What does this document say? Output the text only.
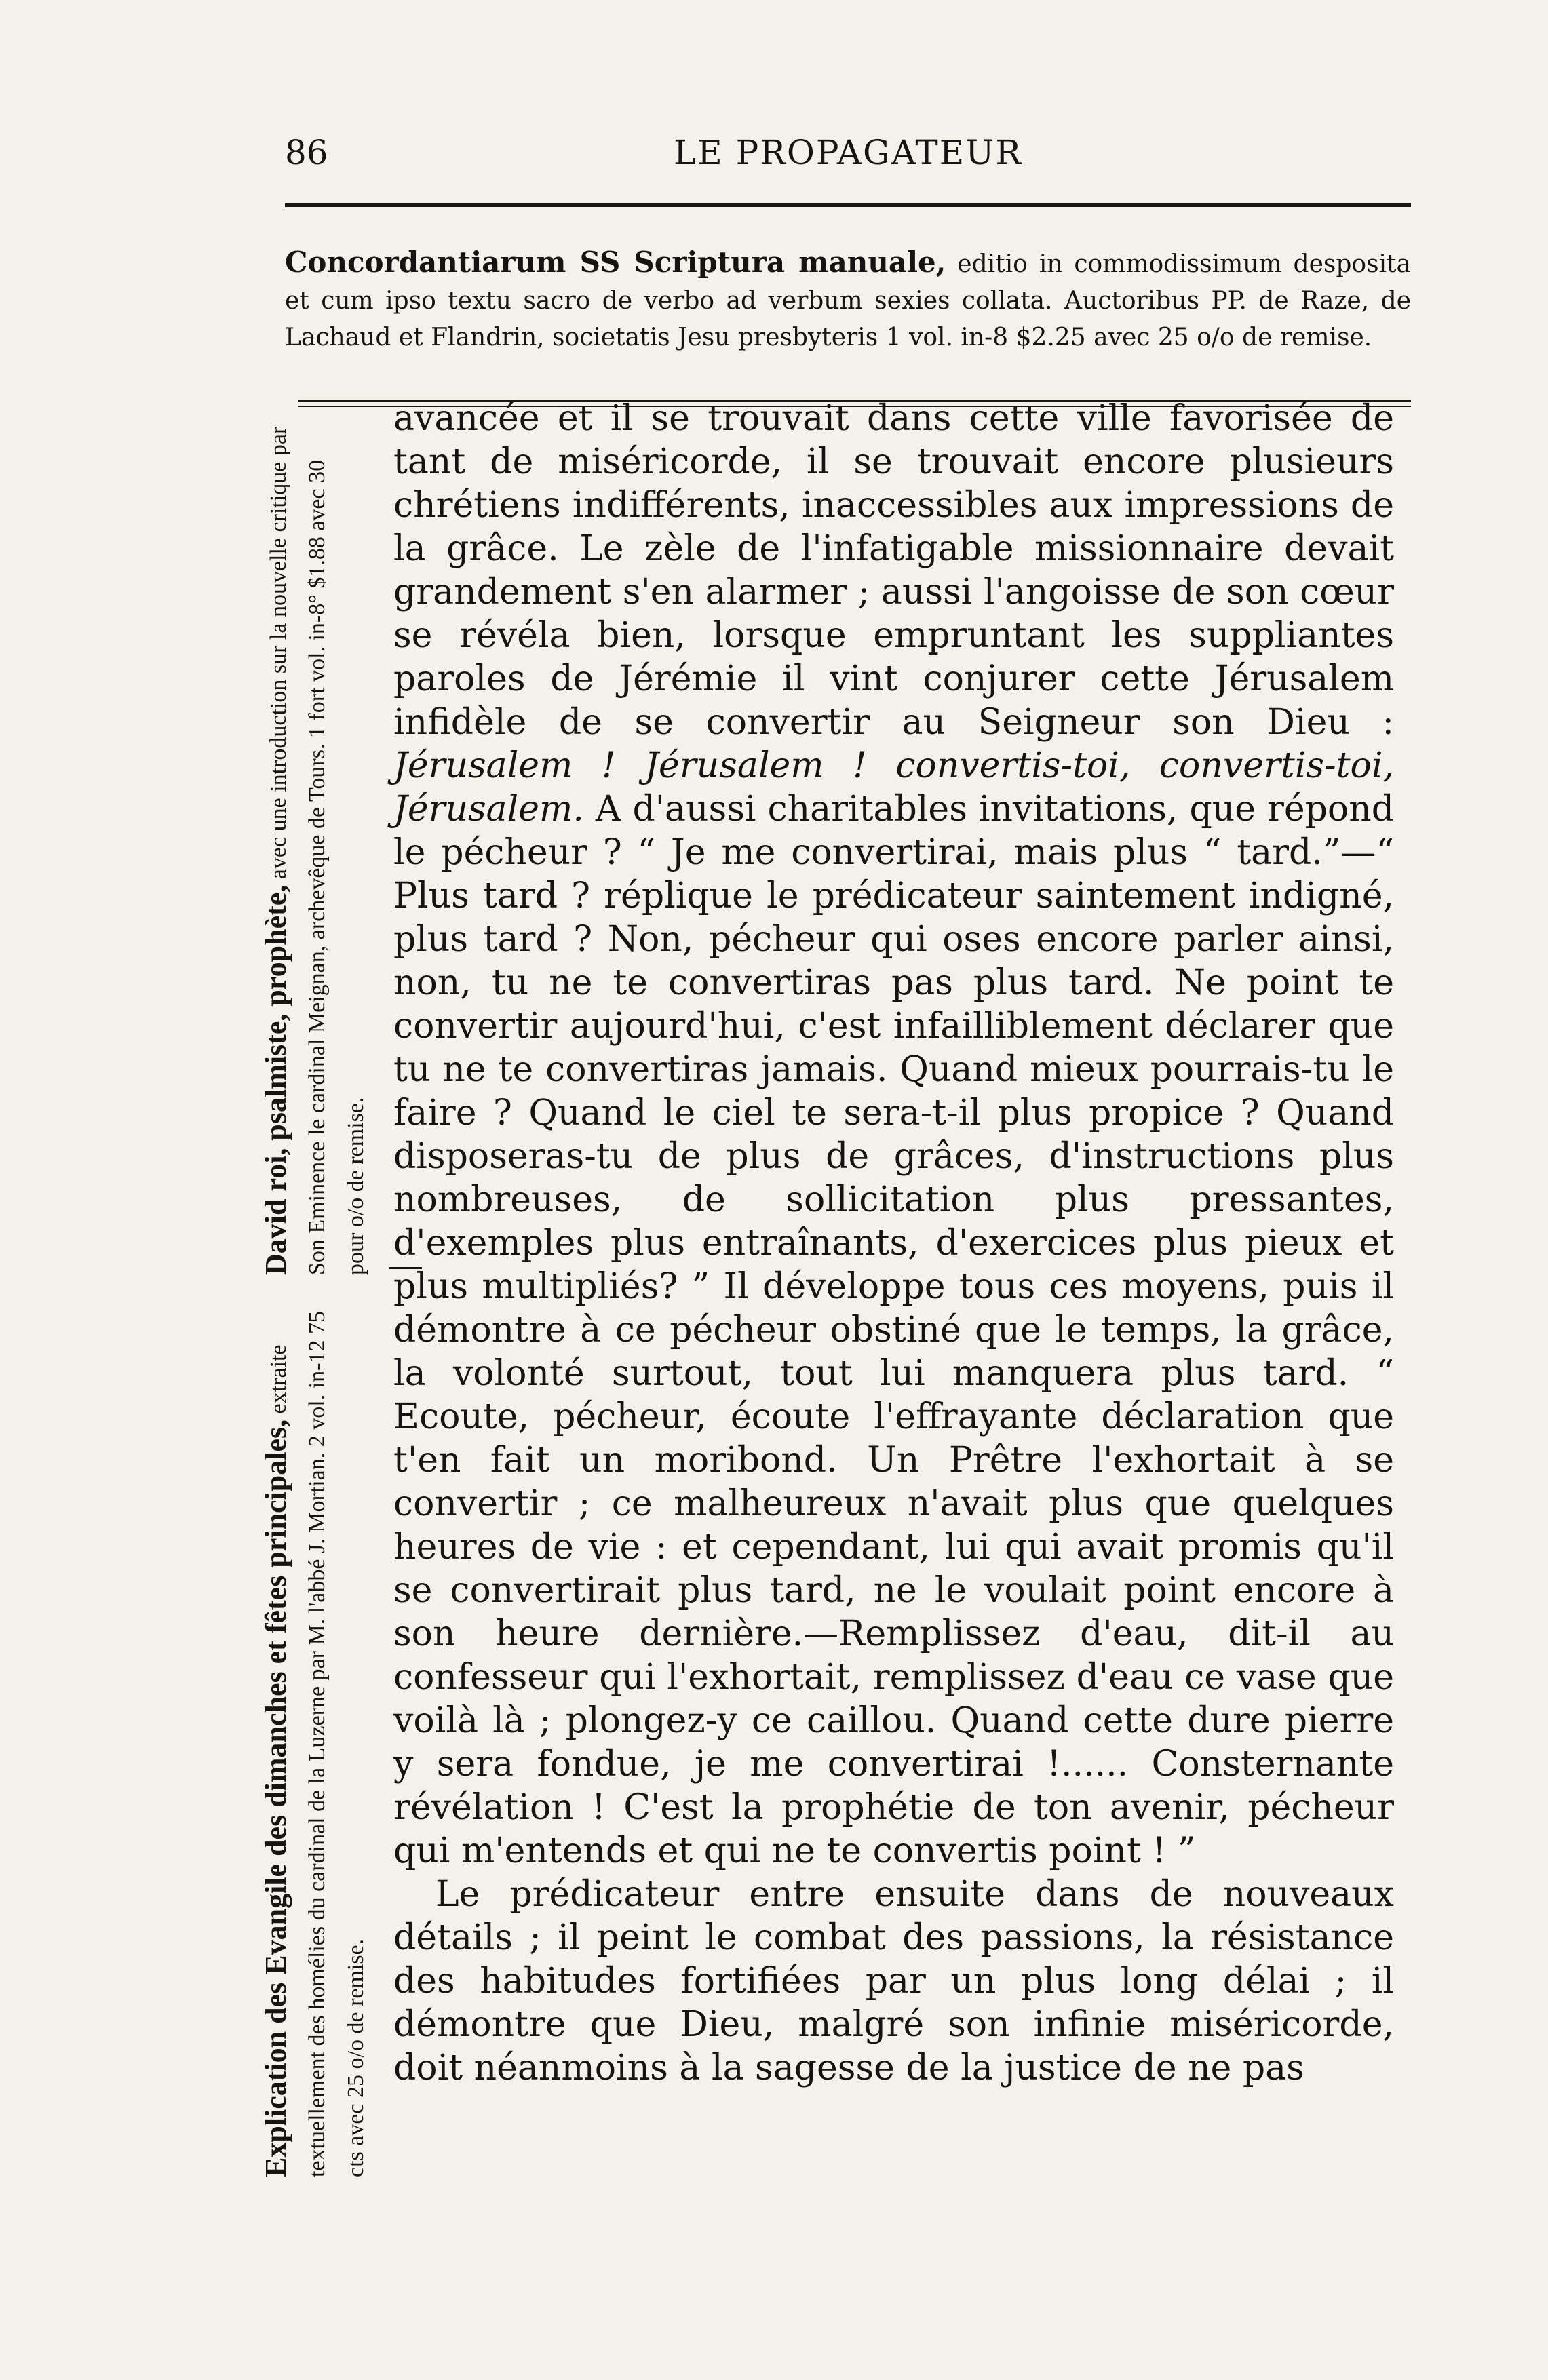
86	LE PROPAGATEUR
Concordantiarum SS Scriptura manuale, editio in commodissimum desposita et cum ipso textu sacro de verbo ad verbum sexies collata. Auctoribus PP. de Raze, de Lachaud et Flandrin, societatis Jesu presbyteris 1 vol. in-8 $2.25 avec 25 o/o de remise.
David roi, psalmiste, prophète, avec une introduction sur la nouvelle critique par Son Eminence le cardinal Meignan, archevêque de Tours. 1 fort vol. in-8° $1.88 avec 30 pour o/o de remise.
Explication des Evangile des dimanches et fêtes principales, extraite textuellement des homélies du cardinal de la Luzerne par M. l'abbé J. Mortian. 2 vol. in-12 75 cts avec 25 o/o de remise.

avancée et il se trouvait dans cette ville favorisée de tant de miséricorde, il se trouvait encore plusieurs chrétiens indifférents, inaccessibles aux impressions de la grâce. Le zèle de l'infatigable missionnaire devait grandement s'en alarmer ; aussi l'angoisse de son cœur se révéla bien, lorsque empruntant les suppliantes paroles de Jérémie il vint conjurer cette Jérusalem infidèle de se convertir au Seigneur son Dieu : Jérusalem ! Jérusalem ! convertis-toi, convertis-toi, Jérusalem. A d'aussi charitables invitations, que répond le pécheur ? “ Je me convertirai, mais plus “ tard.”—“ Plus tard ? réplique le prédicateur saintement indigné, plus tard ? Non, pécheur qui oses encore parler ainsi, non, tu ne te convertiras pas plus tard. Ne point te convertir aujourd'hui, c'est infailliblement déclarer que tu ne te convertiras jamais. Quand mieux pourrais-tu le faire ? Quand le ciel te sera-t-il plus propice ? Quand disposeras-tu de plus de grâces, d'instructions plus nombreuses, de sollicitation plus pressantes, d'exemples plus entraînants, d'exercices plus pieux et plus multipliés? ” Il développe tous ces moyens, puis il démontre à ce pécheur obstiné que le temps, la grâce, la volonté surtout, tout lui manquera plus tard. “ Ecoute, pécheur, écoute l'effrayante déclaration que t'en fait un moribond. Un Prêtre l'exhortait à se convertir ; ce malheureux n'avait plus que quelques heures de vie : et cependant, lui qui avait promis qu'il se convertirait plus tard, ne le voulait point encore à son heure dernière.—Remplissez d'eau, dit-il au confesseur qui l'exhortait, remplissez d'eau ce vase que voilà là ; plongez-y ce caillou. Quand cette dure pierre y sera fondue, je me convertirai !...... Consternante révélation ! C'est la prophétie de ton avenir, pécheur qui m'entends et qui ne te convertis point ! ”

Le prédicateur entre ensuite dans de nouveaux détails ; il peint le combat des passions, la résistance des habitudes fortifiées par un plus long délai ; il démontre que Dieu, malgré son infinie miséricorde, doit néanmoins à la sagesse de la justice de ne pas
